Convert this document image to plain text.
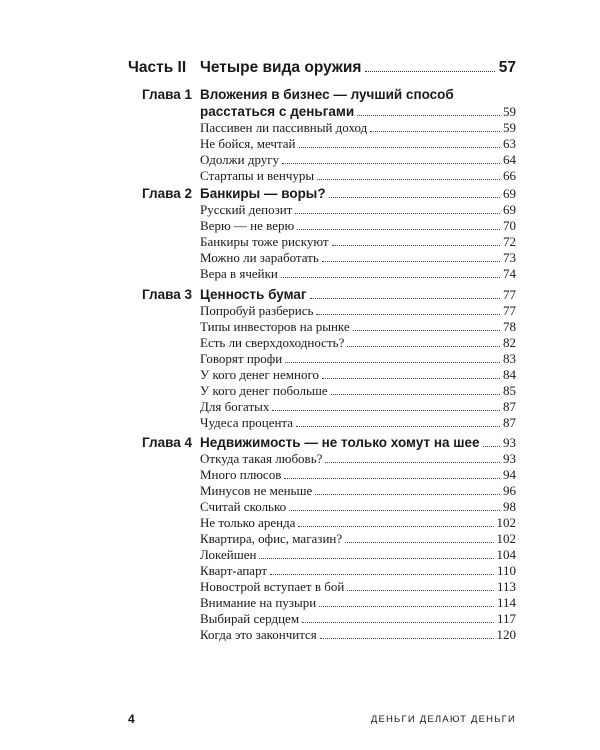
Часть II Четыре вида оружия	57
Глава 1 Вложения в бизнес — лучший способ
расстаться с деньгами	59
Пассивен ли пассивный доход	59
Не бойся, мечтай	63
Одолжи другу	64
Стартапы и венчуры	66
Глава 2 Банкиры — воры?	69
Русский депозит	69
Верю — не верю	70
Банкиры тоже рискуют	72
Можно ли заработать	73
Вера в ячейки	74
Глава 3 Ценность бумаг	77
Попробуй разберись	77
Типы инвесторов на рынке	78
Есть ли сверхдоходность?	82
Говорят профи	83
У кого денег немного	84
У кого денег побольше	85
Для богатых	87
Чудеса процента	87
Глава 4 Недвижимость — не только хомут на шее 93
Откуда такая любовь?	93
Много плюсов	94
Минусов не меньше	96
Считай сколько	98
Не только аренда	102
Квартира, офис, магазин?	102
Локейшен	104
Кварт-апарт	110
Новострой вступает в бой	113
Внимание на пузыри	114
Выбирай сердцем	117
Когда это закончится	120
4	ДЕНЬГИ ДЕЛАЮТ ДЕНЬГИ
